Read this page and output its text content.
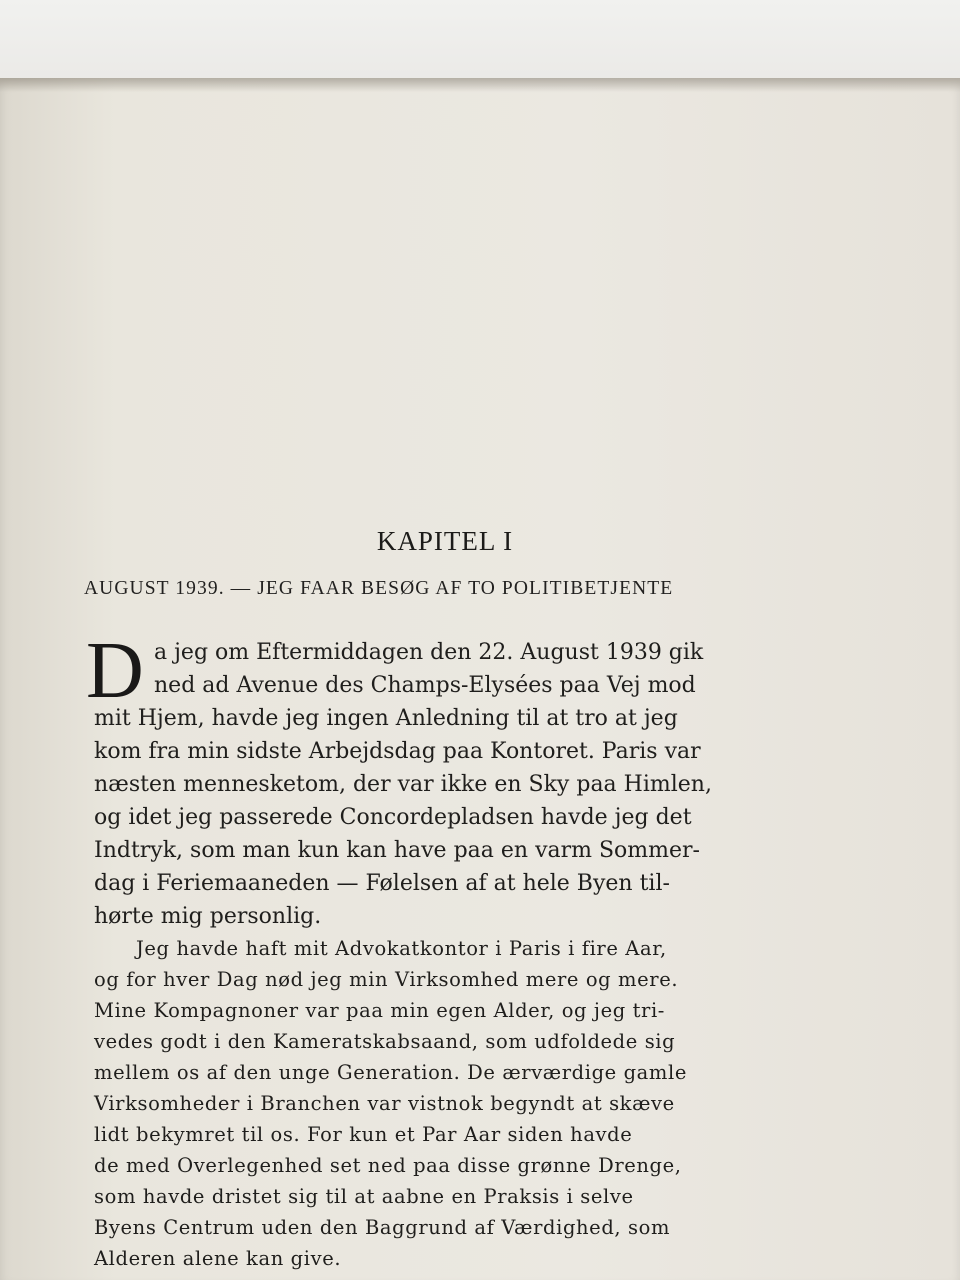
KAPITEL I
AUGUST 1939. — JEG FAAR BESØG AF TO POLITIBETJENTE
D a jeg om Eftermiddagen den 22. August 1939 gik
ned ad Avenue des Champs-Elysées paa Vej mod
mit Hjem, havde jeg ingen Anledning til at tro at jeg
kom fra min sidste Arbejdsdag paa Kontoret. Paris var
næsten mennesketom, der var ikke en Sky paa Himlen,
og idet jeg passerede Concordepladsen havde jeg det
Indtryk, som man kun kan have paa en varm Sommer-
dag i Feriemaaneden — Følelsen af at hele Byen til-
hørte mig personlig.
Jeg havde haft mit Advokatkontor i Paris i fire Aar,
og for hver Dag nød jeg min Virksomhed mere og mere.
Mine Kompagnoner var paa min egen Alder, og jeg tri-
vedes godt i den Kameratskabsaand, som udfoldede sig
mellem os af den unge Generation. De ærværdige gamle
Virksomheder i Branchen var vistnok begyndt at skæve
lidt bekymret til os. For kun et Par Aar siden havde
de med Overlegenhed set ned paa disse grønne Drenge,
som havde dristet sig til at aabne en Praksis i selve
Byens Centrum uden den Baggrund af Værdighed, som
Alderen alene kan give.
